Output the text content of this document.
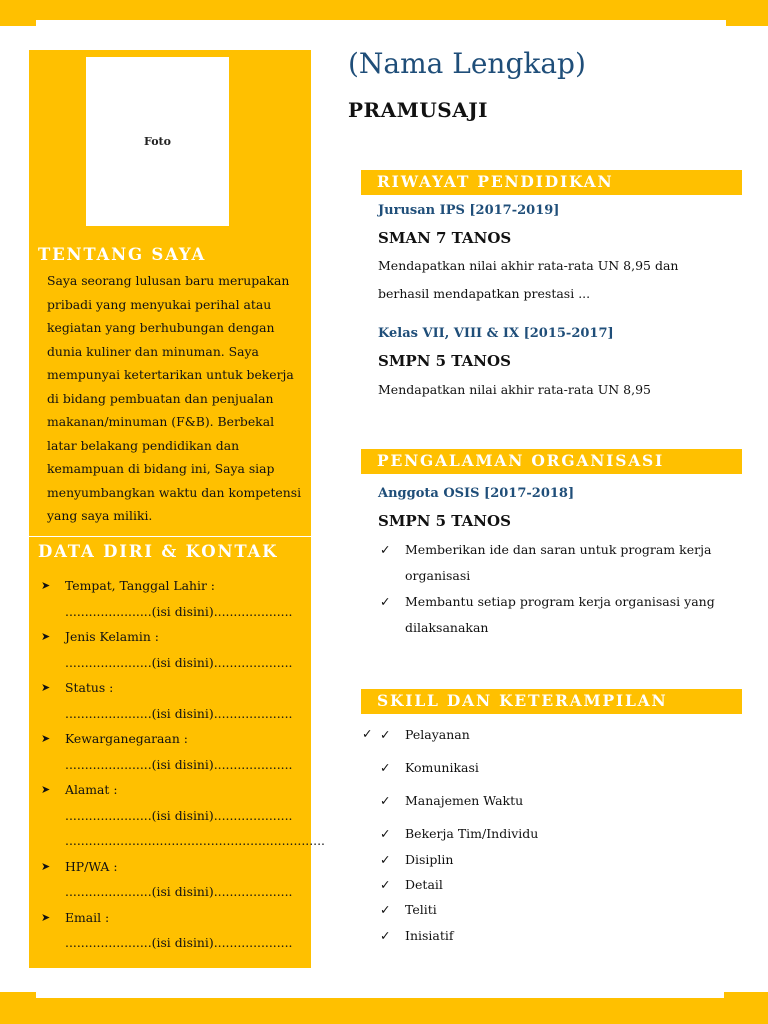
Foto
TENTANG SAYA
Saya seorang lulusan baru merupakan pribadi yang menyukai perihal atau kegiatan yang berhubungan dengan dunia kuliner dan minuman. Saya mempunyai ketertarikan untuk bekerja di bidang pembuatan dan penjualan makanan/minuman (F&B). Berbekal latar belakang pendidikan dan kemampuan di bidang ini, Saya siap menyumbangkan waktu dan kompetensi yang saya miliki.
DATA DIRI & KONTAK
➤ Tempat, Tanggal Lahir :
......................(isi disini)....................
➤ Jenis Kelamin :
......................(isi disini)....................
➤ Status :
......................(isi disini)....................
➤ Kewarganegaraan :
......................(isi disini)....................
➤ Alamat :
......................(isi disini)....................
..................................................................
➤ HP/WA :
......................(isi disini)....................
➤ Email :
......................(isi disini)....................
(Nama Lengkap)
PRAMUSAJI
RIWAYAT PENDIDIKAN
Jurusan IPS [2017-2019]
SMAN 7 TANOS
Mendapatkan nilai akhir rata-rata UN 8,95 dan berhasil mendapatkan prestasi ...
Kelas VII, VIII & IX [2015-2017]
SMPN 5 TANOS
Mendapatkan nilai akhir rata-rata UN 8,95
PENGALAMAN ORGANISASI
Anggota OSIS [2017-2018]
SMPN 5 TANOS
✓ Memberikan ide dan saran untuk program kerja organisasi
✓ Membantu setiap program kerja organisasi yang dilaksanakan
SKILL DAN KETERAMPILAN
✓ ✓ Pelayanan
✓ Komunikasi
✓ Manajemen Waktu
✓ Bekerja Tim/Individu
✓ Disiplin
✓ Detail
✓ Teliti
✓ Inisiatif
